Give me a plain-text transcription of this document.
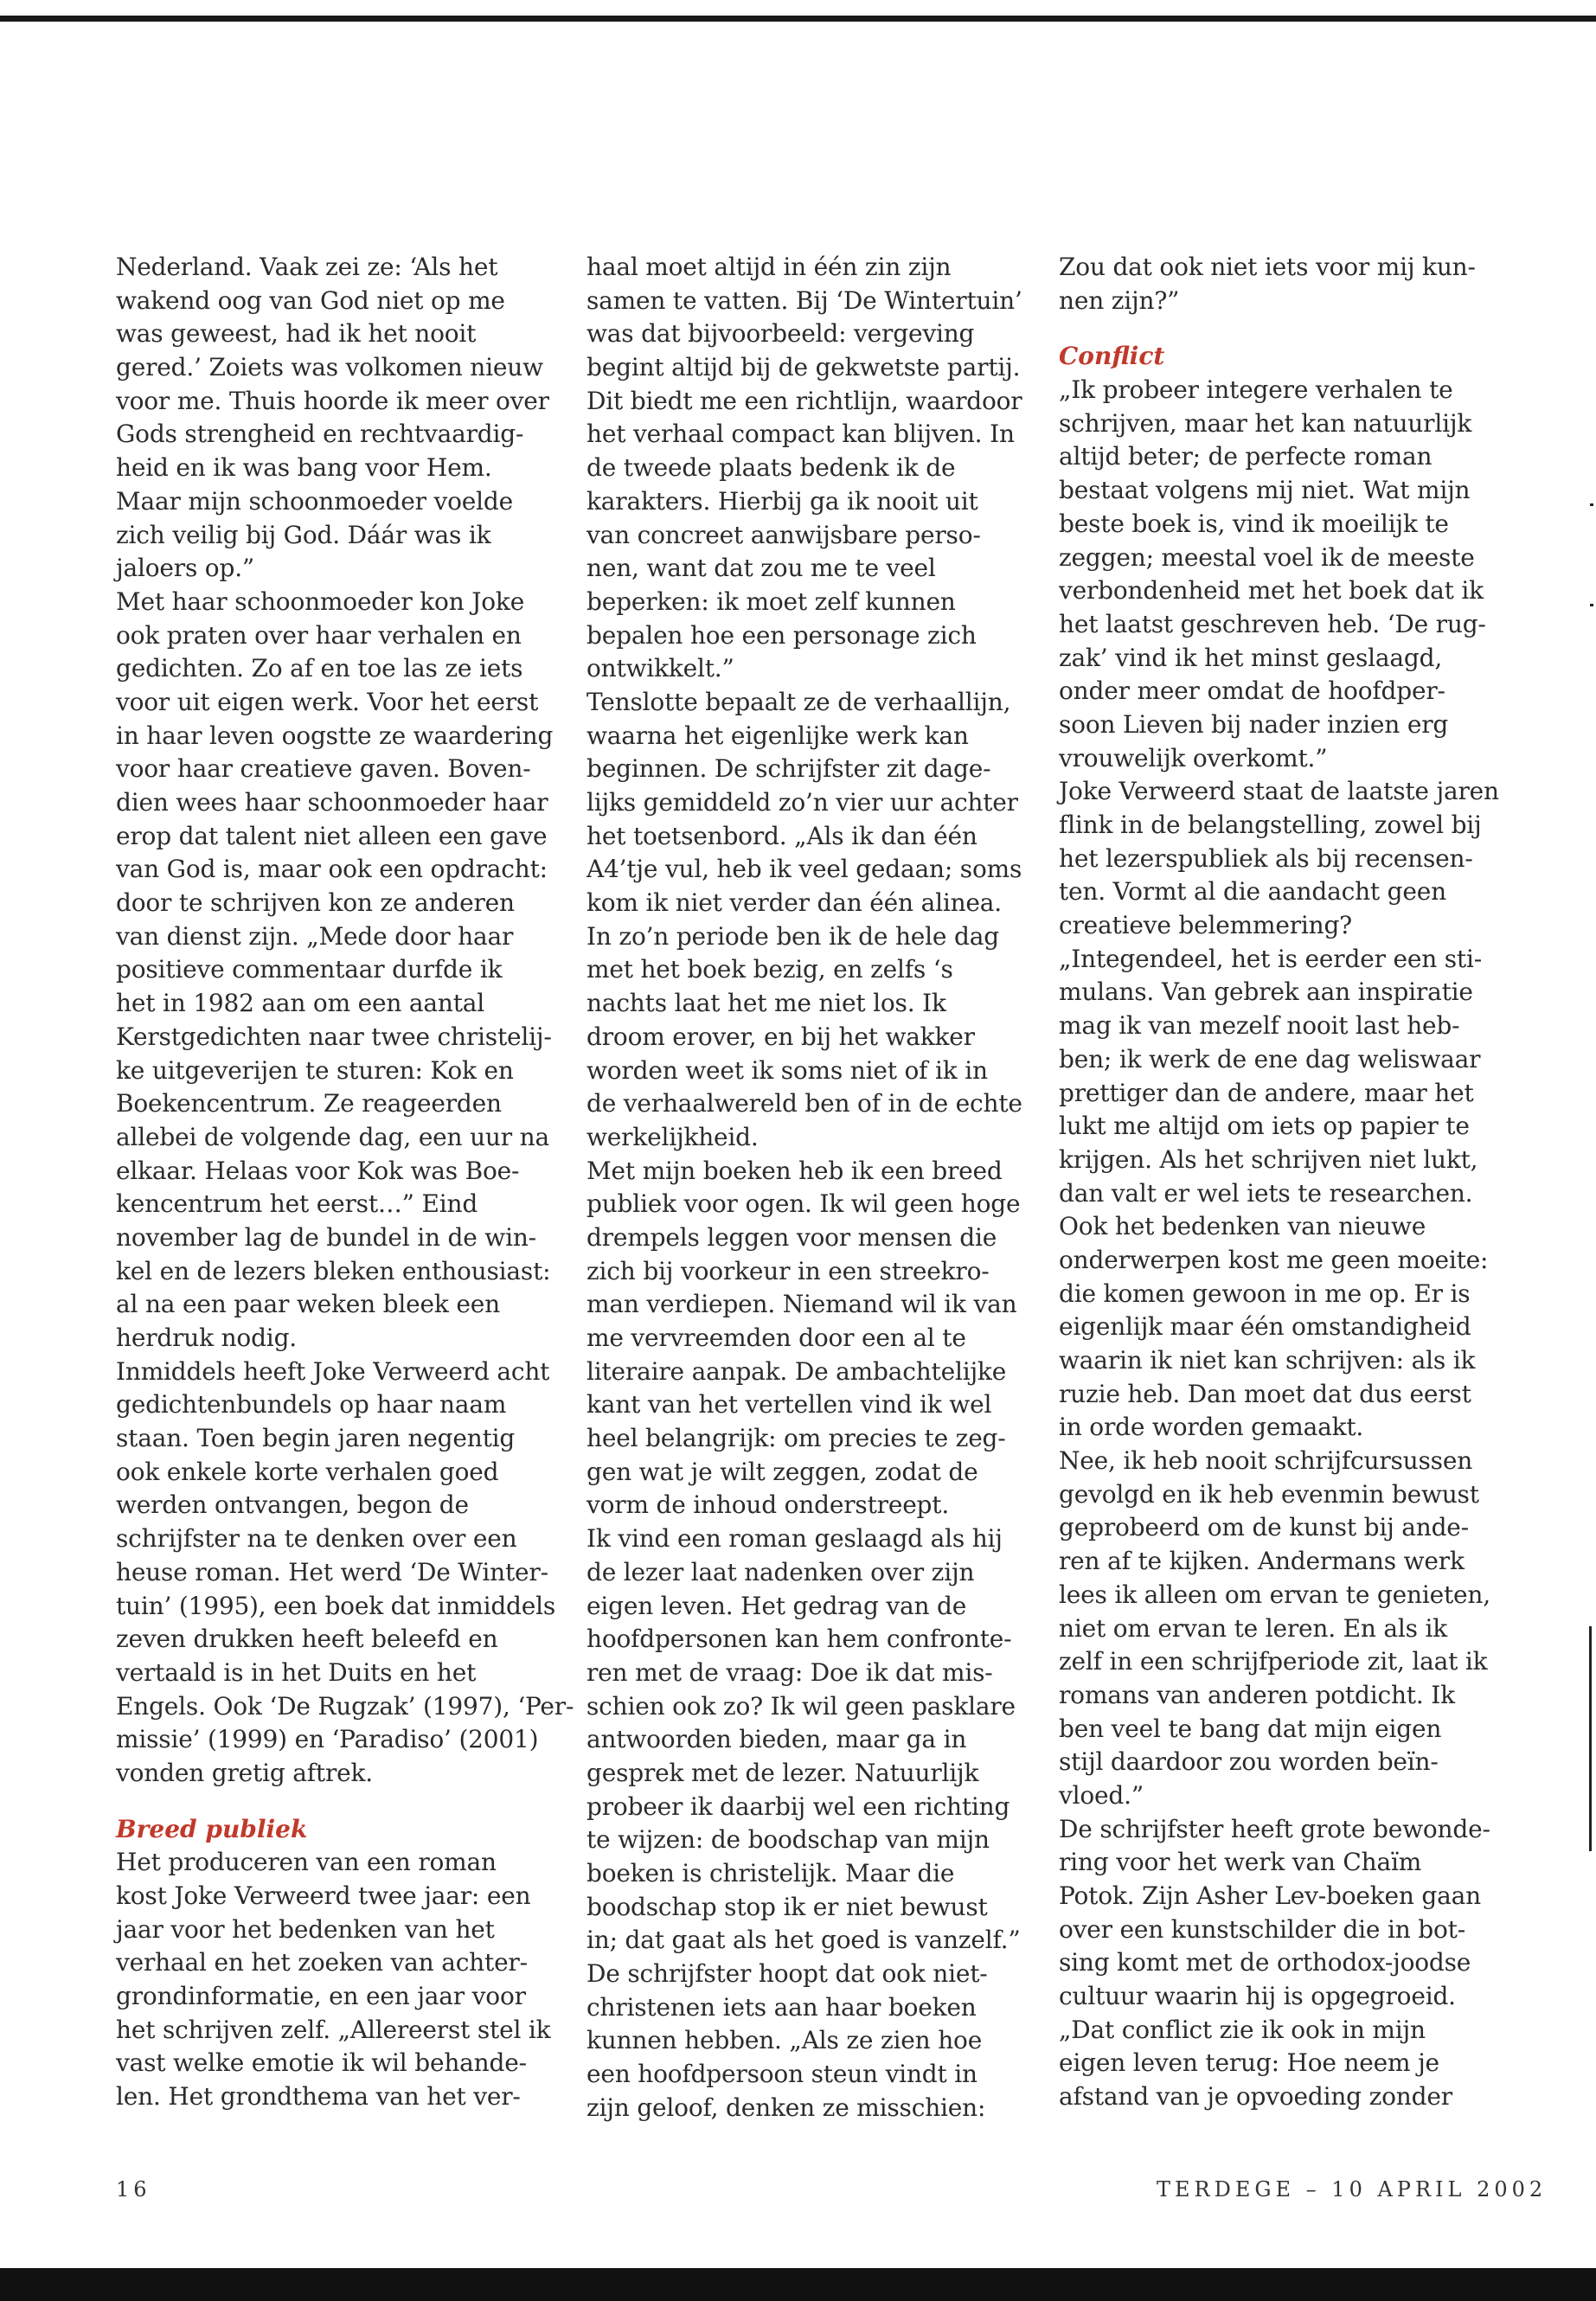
Nederland. Vaak zei ze: ‘Als het
wakend oog van God niet op me
was geweest, had ik het nooit
gered.’ Zoiets was volkomen nieuw
voor me. Thuis hoorde ik meer over
Gods strengheid en rechtvaardig-
heid en ik was bang voor Hem.
Maar mijn schoonmoeder voelde
zich veilig bij God. Dáár was ik
jaloers op.”
Met haar schoonmoeder kon Joke
ook praten over haar verhalen en
gedichten. Zo af en toe las ze iets
voor uit eigen werk. Voor het eerst
in haar leven oogstte ze waardering
voor haar creatieve gaven. Boven-
dien wees haar schoonmoeder haar
erop dat talent niet alleen een gave
van God is, maar ook een opdracht:
door te schrijven kon ze anderen
van dienst zijn. „Mede door haar
positieve commentaar durfde ik
het in 1982 aan om een aantal
Kerstgedichten naar twee christelij-
ke uitgeverijen te sturen: Kok en
Boekencentrum. Ze reageerden
allebei de volgende dag, een uur na
elkaar. Helaas voor Kok was Boe-
kencentrum het eerst…” Eind
november lag de bundel in de win-
kel en de lezers bleken enthousiast:
al na een paar weken bleek een
herdruk nodig.
Inmiddels heeft Joke Verweerd acht
gedichtenbundels op haar naam
staan. Toen begin jaren negentig
ook enkele korte verhalen goed
werden ontvangen, begon de
schrijfster na te denken over een
heuse roman. Het werd ‘De Winter-
tuin’ (1995), een boek dat inmiddels
zeven drukken heeft beleefd en
vertaald is in het Duits en het
Engels. Ook ‘De Rugzak’ (1997), ‘Per-
missie’ (1999) en ‘Paradiso’ (2001)
vonden gretig aftrek.
Breed publiek
Het produceren van een roman
kost Joke Verweerd twee jaar: een
jaar voor het bedenken van het
verhaal en het zoeken van achter-
grondinformatie, en een jaar voor
het schrijven zelf. „Allereerst stel ik
vast welke emotie ik wil behande-
len. Het grondthema van het ver-
haal moet altijd in één zin zijn
samen te vatten. Bij ‘De Wintertuin’
was dat bijvoorbeeld: vergeving
begint altijd bij de gekwetste partij.
Dit biedt me een richtlijn, waardoor
het verhaal compact kan blijven. In
de tweede plaats bedenk ik de
karakters. Hierbij ga ik nooit uit
van concreet aanwijsbare perso-
nen, want dat zou me te veel
beperken: ik moet zelf kunnen
bepalen hoe een personage zich
ontwikkelt.”
Tenslotte bepaalt ze de verhaallijn,
waarna het eigenlijke werk kan
beginnen. De schrijfster zit dage-
lijks gemiddeld zo’n vier uur achter
het toetsenbord. „Als ik dan één
A4’tje vul, heb ik veel gedaan; soms
kom ik niet verder dan één alinea.
In zo’n periode ben ik de hele dag
met het boek bezig, en zelfs ‘s
nachts laat het me niet los. Ik
droom erover, en bij het wakker
worden weet ik soms niet of ik in
de verhaalwereld ben of in de echte
werkelijkheid.
Met mijn boeken heb ik een breed
publiek voor ogen. Ik wil geen hoge
drempels leggen voor mensen die
zich bij voorkeur in een streekro-
man verdiepen. Niemand wil ik van
me vervreemden door een al te
literaire aanpak. De ambachtelijke
kant van het vertellen vind ik wel
heel belangrijk: om precies te zeg-
gen wat je wilt zeggen, zodat de
vorm de inhoud onderstreept.
Ik vind een roman geslaagd als hij
de lezer laat nadenken over zijn
eigen leven. Het gedrag van de
hoofdpersonen kan hem confronte-
ren met de vraag: Doe ik dat mis-
schien ook zo? Ik wil geen pasklare
antwoorden bieden, maar ga in
gesprek met de lezer. Natuurlijk
probeer ik daarbij wel een richting
te wijzen: de boodschap van mijn
boeken is christelijk. Maar die
boodschap stop ik er niet bewust
in; dat gaat als het goed is vanzelf.”
De schrijfster hoopt dat ook niet-
christenen iets aan haar boeken
kunnen hebben. „Als ze zien hoe
een hoofdpersoon steun vindt in
zijn geloof, denken ze misschien:
Zou dat ook niet iets voor mij kun-
nen zijn?”
Conflict
„Ik probeer integere verhalen te
schrijven, maar het kan natuurlijk
altijd beter; de perfecte roman
bestaat volgens mij niet. Wat mijn
beste boek is, vind ik moeilijk te
zeggen; meestal voel ik de meeste
verbondenheid met het boek dat ik
het laatst geschreven heb. ‘De rug-
zak’ vind ik het minst geslaagd,
onder meer omdat de hoofdper-
soon Lieven bij nader inzien erg
vrouwelijk overkomt.”
Joke Verweerd staat de laatste jaren
flink in de belangstelling, zowel bij
het lezerspubliek als bij recensen-
ten. Vormt al die aandacht geen
creatieve belemmering?
„Integendeel, het is eerder een sti-
mulans. Van gebrek aan inspiratie
mag ik van mezelf nooit last heb-
ben; ik werk de ene dag weliswaar
prettiger dan de andere, maar het
lukt me altijd om iets op papier te
krijgen. Als het schrijven niet lukt,
dan valt er wel iets te researchen.
Ook het bedenken van nieuwe
onderwerpen kost me geen moeite:
die komen gewoon in me op. Er is
eigenlijk maar één omstandigheid
waarin ik niet kan schrijven: als ik
ruzie heb. Dan moet dat dus eerst
in orde worden gemaakt.
Nee, ik heb nooit schrijfcursussen
gevolgd en ik heb evenmin bewust
geprobeerd om de kunst bij ande-
ren af te kijken. Andermans werk
lees ik alleen om ervan te genieten,
niet om ervan te leren. En als ik
zelf in een schrijfperiode zit, laat ik
romans van anderen potdicht. Ik
ben veel te bang dat mijn eigen
stijl daardoor zou worden beïn-
vloed.”
De schrijfster heeft grote bewonde-
ring voor het werk van Chaïm
Potok. Zijn Asher Lev-boeken gaan
over een kunstschilder die in bot-
sing komt met de orthodox-joodse
cultuur waarin hij is opgegroeid.
„Dat conflict zie ik ook in mijn
eigen leven terug: Hoe neem je
afstand van je opvoeding zonder
16	TERDEGE – 10 APRIL 2002
